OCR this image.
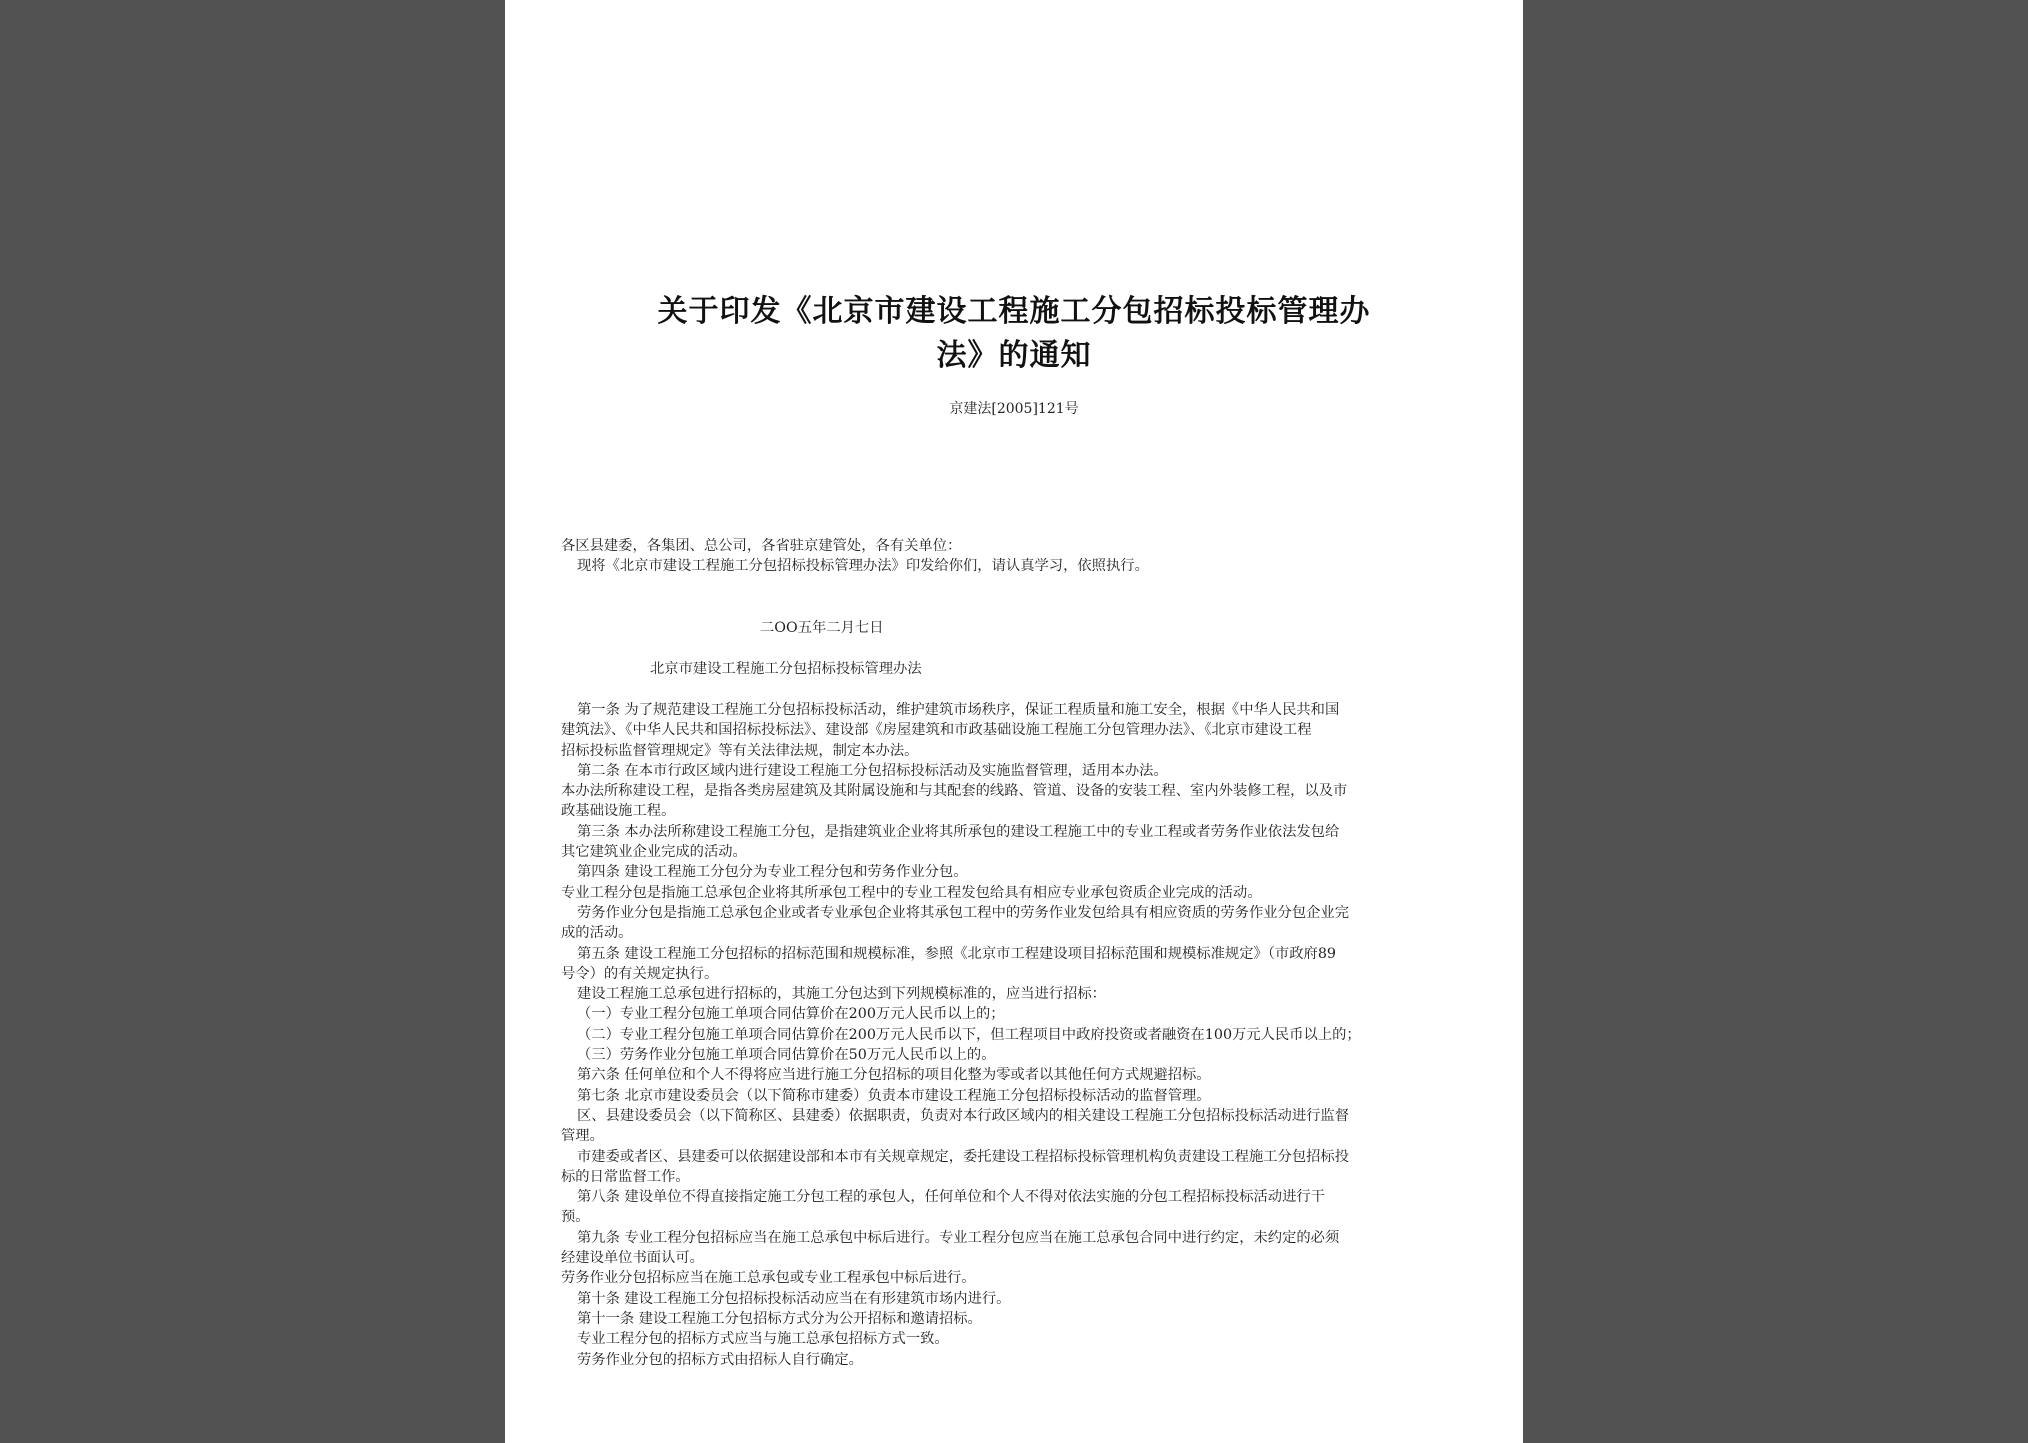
关于印发《北京市建设工程施工分包招标投标管理办
法》的通知
京建法[2005]121号
各区县建委，各集团、总公司，各省驻京建管处，各有关单位：
现将《北京市建设工程施工分包招标投标管理办法》印发给你们，请认真学习，依照执行。
二OO五年二月七日
北京市建设工程施工分包招标投标管理办法
第一条 为了规范建设工程施工分包招标投标活动，维护建筑市场秩序，保证工程质量和施工安全，根据《中华人民共和国
建筑法》、《中华人民共和国招标投标法》、建设部《房屋建筑和市政基础设施工程施工分包管理办法》、《北京市建设工程
招标投标监督管理规定》等有关法律法规，制定本办法。
第二条 在本市行政区域内进行建设工程施工分包招标投标活动及实施监督管理，适用本办法。
本办法所称建设工程，是指各类房屋建筑及其附属设施和与其配套的线路、管道、设备的安装工程、室内外装修工程，以及市
政基础设施工程。
第三条 本办法所称建设工程施工分包，是指建筑业企业将其所承包的建设工程施工中的专业工程或者劳务作业依法发包给
其它建筑业企业完成的活动。
第四条 建设工程施工分包分为专业工程分包和劳务作业分包。
专业工程分包是指施工总承包企业将其所承包工程中的专业工程发包给具有相应专业承包资质企业完成的活动。
劳务作业分包是指施工总承包企业或者专业承包企业将其承包工程中的劳务作业发包给具有相应资质的劳务作业分包企业完
成的活动。
第五条 建设工程施工分包招标的招标范围和规模标准，参照《北京市工程建设项目招标范围和规模标准规定》（市政府89
号令）的有关规定执行。
建设工程施工总承包进行招标的，其施工分包达到下列规模标准的，应当进行招标：
（一）专业工程分包施工单项合同估算价在200万元人民币以上的；
（二）专业工程分包施工单项合同估算价在200万元人民币以下，但工程项目中政府投资或者融资在100万元人民币以上的；
（三）劳务作业分包施工单项合同估算价在50万元人民币以上的。
第六条 任何单位和个人不得将应当进行施工分包招标的项目化整为零或者以其他任何方式规避招标。
第七条 北京市建设委员会（以下简称市建委）负责本市建设工程施工分包招标投标活动的监督管理。
区、县建设委员会（以下简称区、县建委）依据职责，负责对本行政区域内的相关建设工程施工分包招标投标活动进行监督
管理。
市建委或者区、县建委可以依据建设部和本市有关规章规定，委托建设工程招标投标管理机构负责建设工程施工分包招标投
标的日常监督工作。
第八条 建设单位不得直接指定施工分包工程的承包人，任何单位和个人不得对依法实施的分包工程招标投标活动进行干
预。
第九条 专业工程分包招标应当在施工总承包中标后进行。专业工程分包应当在施工总承包合同中进行约定，未约定的必须
经建设单位书面认可。
劳务作业分包招标应当在施工总承包或专业工程承包中标后进行。
第十条 建设工程施工分包招标投标活动应当在有形建筑市场内进行。
第十一条 建设工程施工分包招标方式分为公开招标和邀请招标。
专业工程分包的招标方式应当与施工总承包招标方式一致。
劳务作业分包的招标方式由招标人自行确定。
